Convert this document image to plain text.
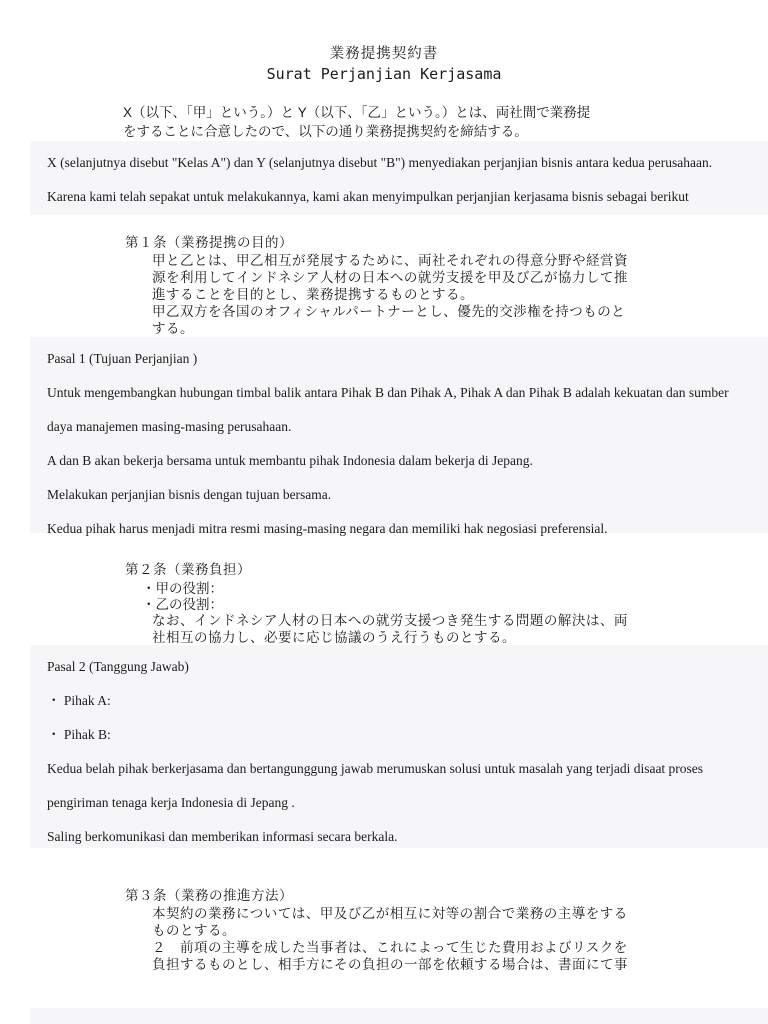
業務提携契約書
Surat Perjanjian Kerjasama
X（以下、「甲」という。）と Y（以下、「乙」という。）とは、両社間で業務提
をすることに合意したので、以下の通り業務提携契約を締結する。

X (selanjutnya disebut "Kelas A") dan Y (selanjutnya disebut "B") menyediakan perjanjian bisnis antara kedua perusahaan.

Karena kami telah sepakat untuk melakukannya, kami akan menyimpulkan perjanjian kerjasama bisnis sebagai berikut

第１条（業務提携の目的）
甲と乙とは、甲乙相互が発展するために、両社それぞれの得意分野や経営資
源を利用してインドネシア人材の日本への就労支援を甲及び乙が協力して推
進することを目的とし、業務提携するものとする。
甲乙双方を各国のオフィシャルパートナーとし、優先的交渉権を持つものと
する。

Pasal 1 (Tujuan Perjanjian )

Untuk mengembangkan hubungan timbal balik antara Pihak B dan Pihak A, Pihak A dan Pihak B adalah kekuatan dan sumber

daya manajemen masing-masing perusahaan.

A dan B akan bekerja bersama untuk membantu pihak Indonesia dalam bekerja di Jepang.

Melakukan perjanjian bisnis dengan tujuan bersama.

Kedua pihak harus menjadi mitra resmi masing-masing negara dan memiliki hak negosiasi preferensial.

第２条（業務負担）
・甲の役割：
・乙の役割：
なお、インドネシア人材の日本への就労支援つき発生する問題の解決は、両
社相互の協力し、必要に応じ協議のうえ行うものとする。

Pasal 2 (Tanggung Jawab)

・ Pihak A:

・ Pihak B:

Kedua belah pihak berkerjasama dan bertangunggung jawab merumuskan solusi untuk masalah yang terjadi disaat proses

pengiriman tenaga kerja Indonesia di Jepang .

Saling berkomunikasi dan memberikan informasi secara berkala.

第３条（業務の推進方法）
本契約の業務については、甲及び乙が相互に対等の割合で業務の主導をする
ものとする。
２　前項の主導を成した当事者は、これによって生じた費用およびリスクを
負担するものとし、相手方にその負担の一部を依頼する場合は、書面にて事
